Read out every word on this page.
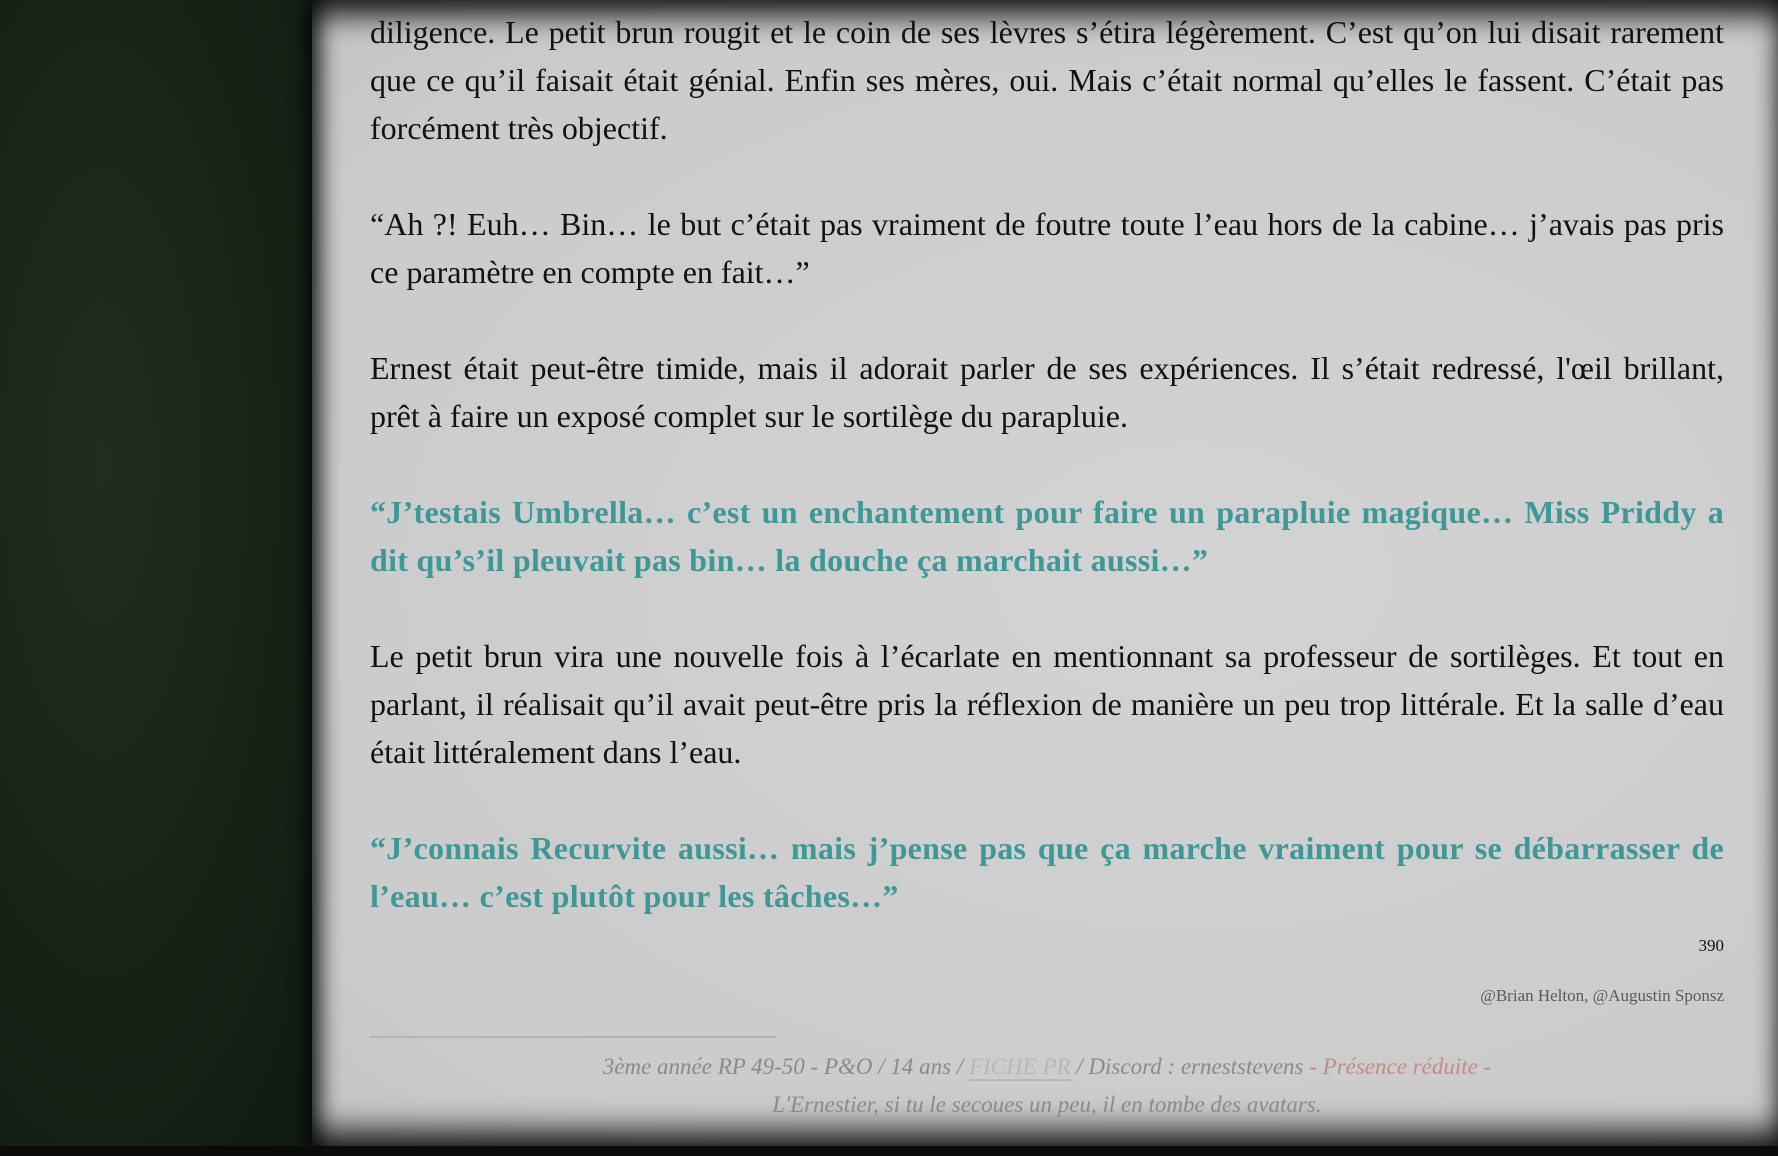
diligence. Le petit brun rougit et le coin de ses lèvres s’étira légèrement. C’est qu’on lui disait rarement que ce qu’il faisait était génial. Enfin ses mères, oui. Mais c’était normal qu’elles le fassent. C’était pas forcément très objectif.

“Ah ?! Euh… Bin… le but c’était pas vraiment de foutre toute l’eau hors de la cabine… j’avais pas pris ce paramètre en compte en fait…”

Ernest était peut-être timide, mais il adorait parler de ses expériences. Il s’était redressé, l'œil brillant, prêt à faire un exposé complet sur le sortilège du parapluie.

“J’testais Umbrella… c’est un enchantement pour faire un parapluie magique… Miss Priddy a dit qu’s’il pleuvait pas bin… la douche ça marchait aussi…”

Le petit brun vira une nouvelle fois à l’écarlate en mentionnant sa professeur de sortilèges. Et tout en parlant, il réalisait qu’il avait peut-être pris la réflexion de manière un peu trop littérale. Et la salle d’eau était littéralement dans l’eau.

“J’connais Recurvite aussi… mais j’pense pas que ça marche vraiment pour se débarrasser de l’eau… c’est plutôt pour les tâches…”

390
@Brian Helton, @Augustin Sponsz
3ème année RP 49-50 - P&O / 14 ans / FICHE PR / Discord : erneststevens - Présence réduite -
L'Ernestier, si tu le secoues un peu, il en tombe des avatars.
